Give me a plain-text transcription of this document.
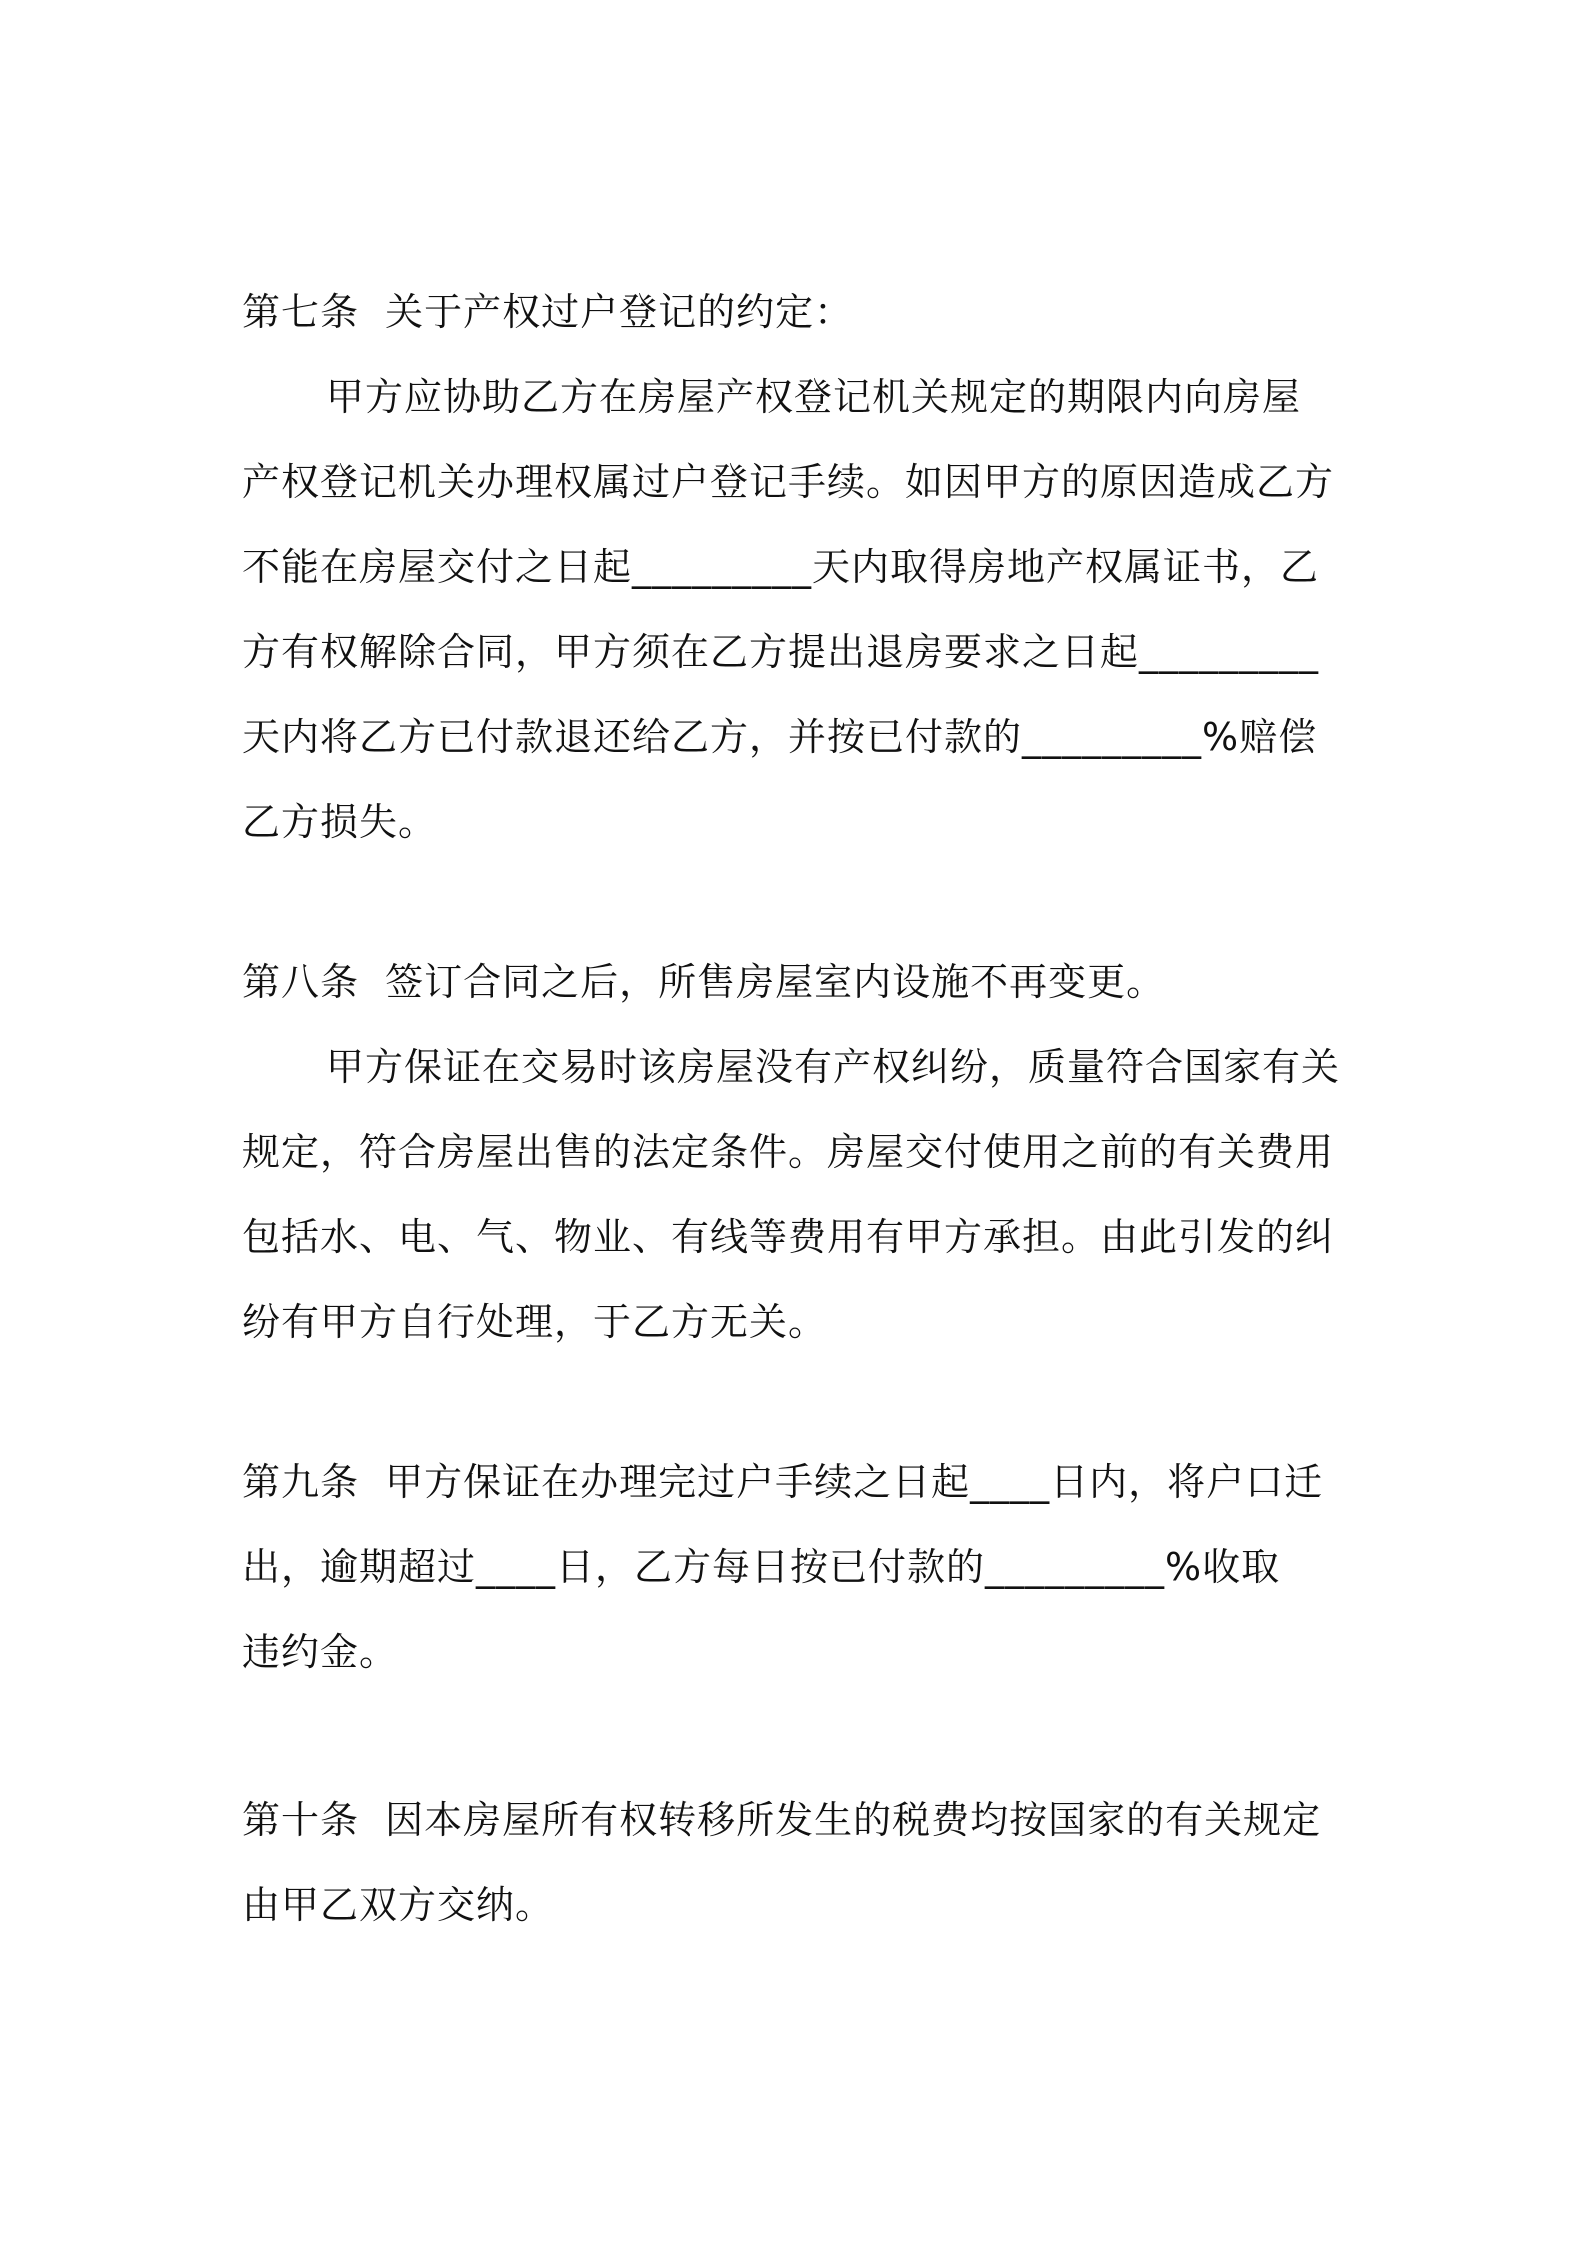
第七条  关于产权过户登记的约定：
甲方应协助乙方在房屋产权登记机关规定的期限内向房屋
产权登记机关办理权属过户登记手续。如因甲方的原因造成乙方
不能在房屋交付之日起_________天内取得房地产权属证书，乙
方有权解除合同，甲方须在乙方提出退房要求之日起_________
天内将乙方已付款退还给乙方，并按已付款的_________%赔偿
乙方损失。
第八条  签订合同之后，所售房屋室内设施不再变更。
甲方保证在交易时该房屋没有产权纠纷，质量符合国家有关
规定，符合房屋出售的法定条件。房屋交付使用之前的有关费用
包括水、电、气、物业、有线等费用有甲方承担。由此引发的纠
纷有甲方自行处理，于乙方无关。
第九条  甲方保证在办理完过户手续之日起____日内，将户口迁
出，逾期超过____日，乙方每日按已付款的_________%收取
违约金。
第十条  因本房屋所有权转移所发生的税费均按国家的有关规定
由甲乙双方交纳。
